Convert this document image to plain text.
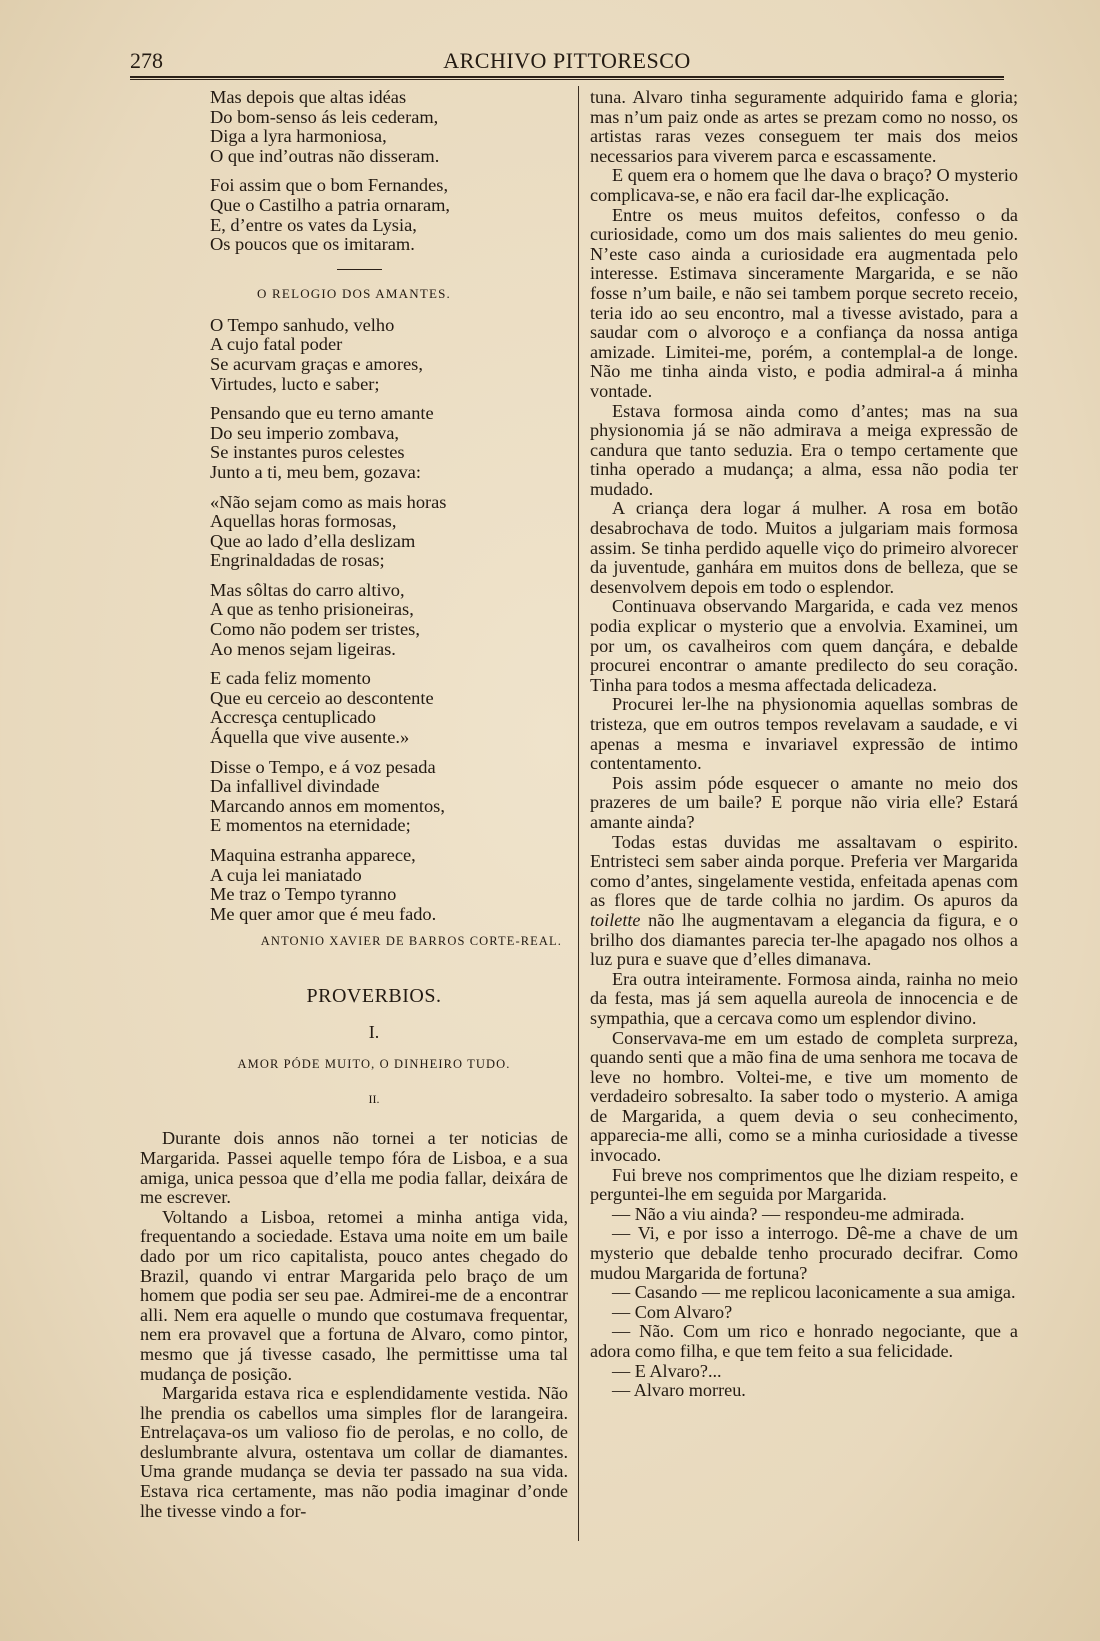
278	ARCHIVO PITTORESCO
Mas depois que altas idéas
Do bom-senso ás leis cederam,
Diga a lyra harmoniosa,
O que ind’outras não disseram.
Foi assim que o bom Fernandes,
Que o Castilho a patria ornaram,
E, d’entre os vates da Lysia,
Os poucos que os imitaram.
O RELOGIO DOS AMANTES.
O Tempo sanhudo, velho
A cujo fatal poder
Se acurvam graças e amores,
Virtudes, lucto e saber;
Pensando que eu terno amante
Do seu imperio zombava,
Se instantes puros celestes
Junto a ti, meu bem, gozava:
«Não sejam como as mais horas
Aquellas horas formosas,
Que ao lado d’ella deslizam
Engrinaldadas de rosas;
Mas sôltas do carro altivo,
A que as tenho prisioneiras,
Como não podem ser tristes,
Ao menos sejam ligeiras.
E cada feliz momento
Que eu cerceio ao descontente
Accresça centuplicado
Áquella que vive ausente.»
Disse o Tempo, e á voz pesada
Da infallivel divindade
Marcando annos em momentos,
E momentos na eternidade;
Maquina estranha apparece,
A cuja lei maniatado
Me traz o Tempo tyranno
Me quer amor que é meu fado.
ANTONIO XAVIER DE BARROS CORTE-REAL.
PROVERBIOS.
I.
AMOR PÓDE MUITO, O DINHEIRO TUDO.
II.

Durante dois annos não tornei a ter noticias de Margarida. Passei aquelle tempo fóra de Lisboa, e a sua amiga, unica pessoa que d’ella me podia fallar, deixára de me escrever.

Voltando a Lisboa, retomei a minha antiga vida, frequentando a sociedade. Estava uma noite em um baile dado por um rico capitalista, pouco antes chegado do Brazil, quando vi entrar Margarida pelo braço de um homem que podia ser seu pae. Admirei-me de a encontrar alli. Nem era aquelle o mundo que costumava frequentar, nem era provavel que a fortuna de Alvaro, como pintor, mesmo que já tivesse casado, lhe permittisse uma tal mudança de posição.

Margarida estava rica e esplendidamente vestida. Não lhe prendia os cabellos uma simples flor de larangeira. Entrelaçava-os um valioso fio de perolas, e no collo, de deslumbrante alvura, ostentava um collar de diamantes. Uma grande mudança se devia ter passado na sua vida. Estava rica certamente, mas não podia imaginar d’onde lhe tivesse vindo a for-

tuna. Alvaro tinha seguramente adquirido fama e gloria; mas n’um paiz onde as artes se prezam como no nosso, os artistas raras vezes conseguem ter mais dos meios necessarios para viverem parca e escassamente.

E quem era o homem que lhe dava o braço? O mysterio complicava-se, e não era facil dar-lhe explicação.

Entre os meus muitos defeitos, confesso o da curiosidade, como um dos mais salientes do meu genio. N’este caso ainda a curiosidade era augmentada pelo interesse. Estimava sinceramente Margarida, e se não fosse n’um baile, e não sei tambem porque secreto receio, teria ido ao seu encontro, mal a tivesse avistado, para a saudar com o alvoroço e a confiança da nossa antiga amizade. Limitei-me, porém, a contemplal-a de longe. Não me tinha ainda visto, e podia admiral-a á minha vontade.

Estava formosa ainda como d’antes; mas na sua physionomia já se não admirava a meiga expressão de candura que tanto seduzia. Era o tempo certamente que tinha operado a mudança; a alma, essa não podia ter mudado.

A criança dera logar á mulher. A rosa em botão desabrochava de todo. Muitos a julgariam mais formosa assim. Se tinha perdido aquelle viço do primeiro alvorecer da juventude, ganhára em muitos dons de belleza, que se desenvolvem depois em todo o esplendor.

Continuava observando Margarida, e cada vez menos podia explicar o mysterio que a envolvia. Examinei, um por um, os cavalheiros com quem dançára, e debalde procurei encontrar o amante predilecto do seu coração. Tinha para todos a mesma affectada delicadeza.

Procurei ler-lhe na physionomia aquellas sombras de tristeza, que em outros tempos revelavam a saudade, e vi apenas a mesma e invariavel expressão de intimo contentamento.

Pois assim póde esquecer o amante no meio dos prazeres de um baile? E porque não viria elle? Estará amante ainda?

Todas estas duvidas me assaltavam o espirito. Entristeci sem saber ainda porque. Preferia ver Margarida como d’antes, singelamente vestida, enfeitada apenas com as flores que de tarde colhia no jardim. Os apuros da toilette não lhe augmentavam a elegancia da figura, e o brilho dos diamantes parecia ter-lhe apagado nos olhos a luz pura e suave que d’elles dimanava.

Era outra inteiramente. Formosa ainda, rainha no meio da festa, mas já sem aquella aureola de innocencia e de sympathia, que a cercava como um esplendor divino.

Conservava-me em um estado de completa surpreza, quando senti que a mão fina de uma senhora me tocava de leve no hombro. Voltei-me, e tive um momento de verdadeiro sobresalto. Ia saber todo o mysterio. A amiga de Margarida, a quem devia o seu conhecimento, apparecia-me alli, como se a minha curiosidade a tivesse invocado.

Fui breve nos comprimentos que lhe diziam respeito, e perguntei-lhe em seguida por Margarida.

— Não a viu ainda? — respondeu-me admirada.

— Vi, e por isso a interrogo. Dê-me a chave de um mysterio que debalde tenho procurado decifrar. Como mudou Margarida de fortuna?

— Casando — me replicou laconicamente a sua amiga.

— Com Alvaro?

— Não. Com um rico e honrado negociante, que a adora como filha, e que tem feito a sua felicidade.

— E Alvaro?...

— Alvaro morreu.
